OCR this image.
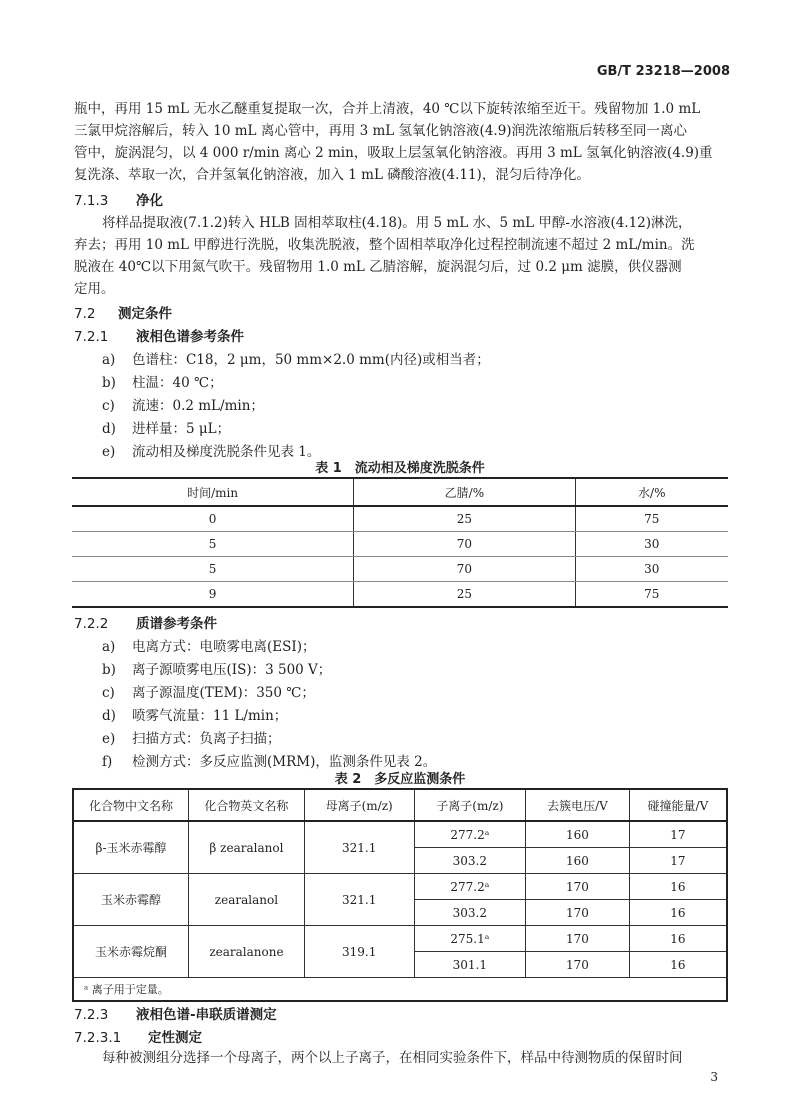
GB/T 23218—2008
瓶中，再用 15 mL 无水乙醚重复提取一次，合并上清液，40 ℃以下旋转浓缩至近干。残留物加 1.0 mL
三氯甲烷溶解后，转入 10 mL 离心管中，再用 3 mL 氢氧化钠溶液(4.9)润洗浓缩瓶后转移至同一离心
管中，旋涡混匀，以 4 000 r/min 离心 2 min，吸取上层氢氧化钠溶液。再用 3 mL 氢氧化钠溶液(4.9)重
复洗涤、萃取一次，合并氢氧化钠溶液，加入 1 mL 磷酸溶液(4.11)，混匀后待净化。
7.1.3 净化
将样品提取液(7.1.2)转入 HLB 固相萃取柱(4.18)。用 5 mL 水、5 mL 甲醇-水溶液(4.12)淋洗，
弃去；再用 10 mL 甲醇进行洗脱，收集洗脱液，整个固相萃取净化过程控制流速不超过 2 mL/min。洗
脱液在 40℃以下用氮气吹干。残留物用 1.0 mL 乙腈溶解，旋涡混匀后，过 0.2 μm 滤膜，供仪器测
定用。
7.2 测定条件
7.2.1 液相色谱参考条件
a) 色谱柱：C18，2 μm，50 mm×2.0 mm(内径)或相当者；
b) 柱温：40 ℃；
c) 流速：0.2 mL/min；
d) 进样量：5 μL；
e) 流动相及梯度洗脱条件见表 1。
表 1　流动相及梯度洗脱条件
时间/min	乙腈/%	水/%
0	25	75
5	70	30
5	70	30
9	25	75
7.2.2 质谱参考条件
a) 电离方式：电喷雾电离(ESI)；
b) 离子源喷雾电压(IS)：3 500 V；
c) 离子源温度(TEM)：350 ℃；
d) 喷雾气流量：11 L/min；
e) 扫描方式：负离子扫描；
f) 检测方式：多反应监测(MRM)，监测条件见表 2。
表 2　多反应监测条件
化合物中文名称	化合物英文名称	母离子(m/z)	子离子(m/z)	去簇电压/V	碰撞能量/V
β-玉米赤霉醇	β zearalanol	321.1	277.2ᵃ	160	17
			303.2	160	17
玉米赤霉醇	zearalanol	321.1	277.2ᵃ	170	16
			303.2	170	16
玉米赤霉烷酮	zearalanone	319.1	275.1ᵃ	170	16
			301.1	170	16
ᵃ 离子用于定量。					
7.2.3 液相色谱-串联质谱测定
7.2.3.1 定性测定
每种被测组分选择一个母离子，两个以上子离子，在相同实验条件下，样品中待测物质的保留时间
3
